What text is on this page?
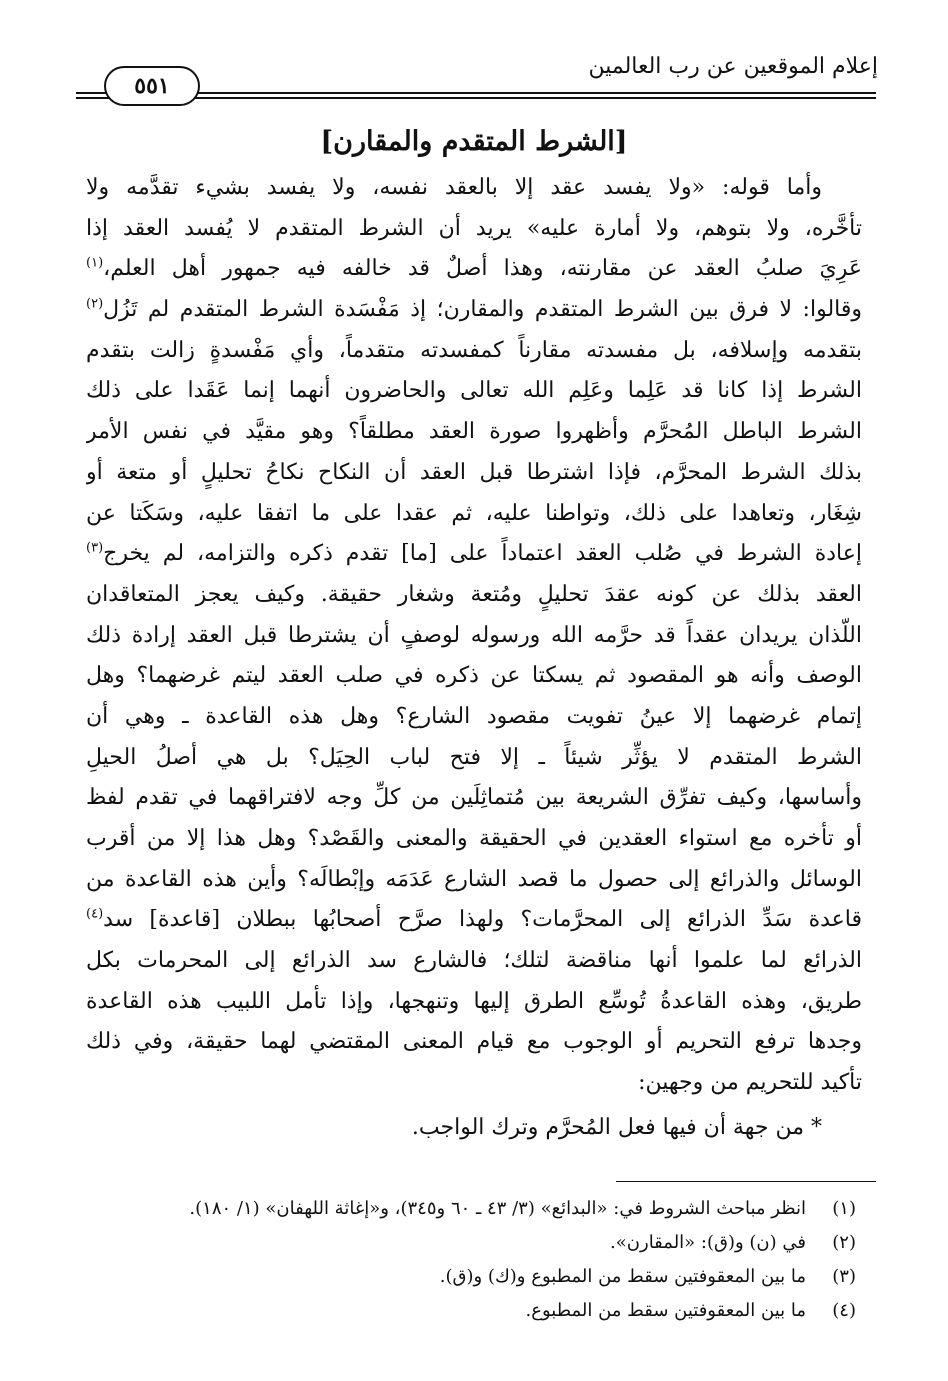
إعلام الموقعين عن رب العالمين
٥٥١
[الشرط المتقدم والمقارن]
وأما قوله: «ولا يفسد عقد إلا بالعقد نفسه، ولا يفسد بشيء تقدَّمه ولا
تأخَّره، ولا بتوهم، ولا أمارة عليه» يريد أن الشرط المتقدم لا يُفسد العقد إذا
عَرِيَ صلبُ العقد عن مقارنته، وهذا أصلٌ قد خالفه فيه جمهور أهل العلم،$^{(١)}$
وقالوا: لا فرق بين الشرط المتقدم والمقارن؛ إذ مَفْسَدة الشرط المتقدم لم تَزُل$^{(٢)}$
بتقدمه وإسلافه، بل مفسدته مقارناً كمفسدته متقدماً، وأي مَفْسدةٍ زالت بتقدم
الشرط إذا كانا قد عَلِما وعَلِم الله تعالى والحاضرون أنهما إنما عَقَدا على ذلك
الشرط الباطل المُحرَّم وأظهروا صورة العقد مطلقاً؟ وهو مقيَّد في نفس الأمر
بذلك الشرط المحرَّم، فإذا اشترطا قبل العقد أن النكاح نكاحُ تحليلٍ أو متعة أو
شِغَار، وتعاهدا على ذلك، وتواطنا عليه، ثم عقدا على ما اتفقا عليه، وسَكَتا عن
إعادة الشرط في صُلب العقد اعتماداً على [ما] تقدم ذكره والتزامه، لم يخرج$^{(٣)}$
العقد بذلك عن كونه عقدَ تحليلٍ ومُتعة وشغار حقيقة. وكيف يعجز المتعاقدان
اللّذان يريدان عقداً قد حرَّمه الله ورسوله لوصفٍ أن يشترطا قبل العقد إرادة ذلك
الوصف وأنه هو المقصود ثم يسكتا عن ذكره في صلب العقد ليتم غرضهما؟ وهل
إتمام غرضهما إلا عينُ تفويت مقصود الشارع؟ وهل هذه القاعدة ـ وهي أن
الشرط المتقدم لا يؤثِّر شيئاً ـ إلا فتح لباب الحِيَل؟ بل هي أصلُ الحيلِ
وأساسها، وكيف تفرِّق الشريعة بين مُتماثِلَين من كلِّ وجه لافتراقهما في تقدم لفظ
أو تأخره مع استواء العقدين في الحقيقة والمعنى والقَصْد؟ وهل هذا إلا من أقرب
الوسائل والذرائع إلى حصول ما قصد الشارع عَدَمَه وإبْطالَه؟ وأين هذه القاعدة من
قاعدة سَدِّ الذرائع إلى المحرَّمات؟ ولهذا صرَّح أصحابُها ببطلان [قاعدة] سد$^{(٤)}$
الذرائع لما علموا أنها مناقضة لتلك؛ فالشارع سد الذرائع إلى المحرمات بكل
طريق، وهذه القاعدةُ تُوسِّع الطرق إليها وتنهجها، وإذا تأمل اللبيب هذه القاعدة
وجدها ترفع التحريم أو الوجوب مع قيام المعنى المقتضي لهما حقيقة، وفي ذلك
تأكيد للتحريم من وجهين:
* من جهة أن فيها فعل المُحرَّم وترك الواجب.
(١)انظر مباحث الشروط في: «البدائع» (٣/ ٤٣ ـ ٦٠ و٣٤٥)، و«إغاثة اللهفان» (١/ ١٨٠).
(٢)في (ن) و(ق): «المقارن».
(٣)ما بين المعقوفتين سقط من المطبوع و(ك) و(ق).
(٤)ما بين المعقوفتين سقط من المطبوع.
